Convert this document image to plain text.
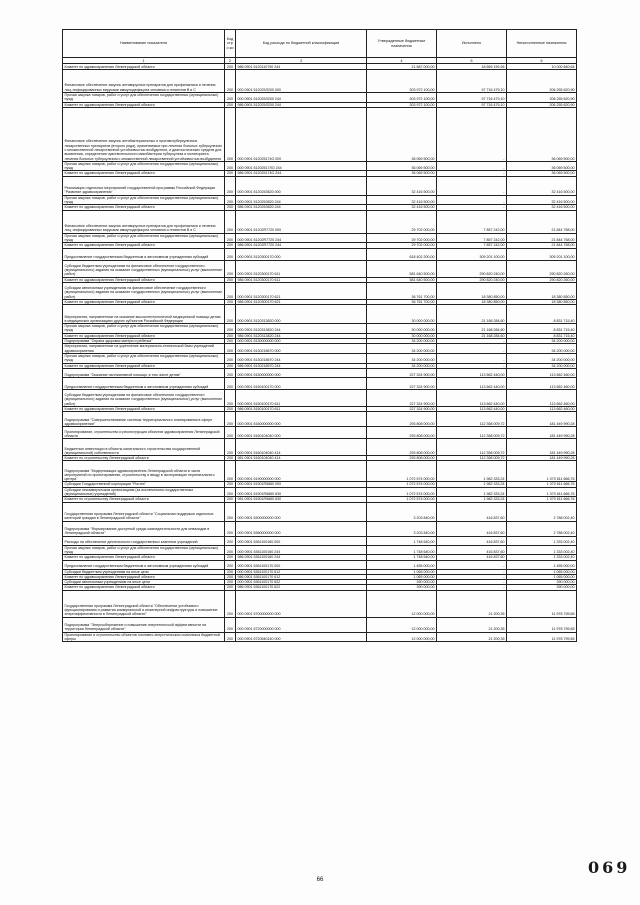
Наименование показателя	Код стро ки	Код расхода по бюджетной классификации	Утвержденные бюджетные назначения	Исполнено	Неисполненные назначения
1	2	3	4	5	6
Комитет по здравоохранению Ленинградской области	200	986 0901 5120110790 244	21 687 000,00	18 669 159,36	10 000 840,64
Финансовое обеспечение закупок антивирусных препаратов для профилактики и лечения лиц, инфицированных вирусами иммунодефицита человека и гепатитов В и С	200	000 0901 512025Л200 000	303 972 100,00	97 716 479,10	206 255 620,90
Прочая закупка товаров, работ и услуг для обеспечения государственных (муниципальных) нужд	200	000 0901 512025Л200 244	303 972 100,00	97 716 479,10	206 255 620,90
Комитет по здравоохранению Ленинградской области	200	986 0901 512025Л200 244	303 972 100,00	97 716 479,10	206 255 620,90
Финансовое обеспечение закупок антибактериальных и противотуберкулезных лекарственных препаратов (второго ряда), применяемых при лечении больных туберкулезом с множественной лекарственной устойчивостью возбудителя, и диагностических средств для выявления, определения чувствительности микобактерии туберкулеза и мониторинга лечения больных туберкулезом с множественной лекарственной устойчивостью возбудителя	200	000 0901 512025174О 000	36 069 500,00	-	36 069 500,00
Прочая закупка товаров, работ и услуг для обеспечения государственных (муниципальных) нужд	200	000 0901 51202517ЛО 244	36 069 500,00	-	36 069 500,00
Комитет по здравоохранению Ленинградской области	200	986 0901 512025174О 244	36 069 500,00	-	36 069 500,00
Реализация отдельных мероприятий государственной программы Российской Федерации "Развитие здравоохранения"	200	000 0901 512025З820 000	32 416 500,00	-	32 416 500,00
Прочая закупка товаров, работ и услуг для обеспечения государственных (муниципальных) нужд	200	000 0901 512025З820 244	32 416 500,00	-	32 416 500,00
Комитет по здравоохранению Ленинградской области	200	986 0901 512025З820 244	32 416 500,00	-	32 416 500,00
Финансовое обеспечение закупок антивирусных препаратов для профилактики и лечения лиц, инфицированных вирусами иммунодефицита человека и гепатитов В и С	200	000 0901 51202R7720 000	29 702 000,00	7 857 242,00	21 844 758,00
Прочая закупка товаров, работ и услуг для обеспечения государственных (муниципальных) нужд	200	000 0901 51202R7720 244	29 702 000,00	7 857 242,00	21 844 758,00
Комитет по здравоохранению Ленинградской области	200	986 0901 51202R7720 244	29 702 000,00	7 857 242,00	21 844 758,00
Предоставление государственным бюджетным и автономным учреждениям субсидий	200	000 0901 5120300170 000	618 402 200,00	309 201 100,00	309 201 100,00
Субсидии бюджетным учреждениям на финансовое обеспечение государственного (муниципального) задания на оказание государственных (муниципальных) услуг (выполнение работ)	200	000 0901 5120300170 611	581 640 500,00	290 820 240,00	290 820 260,00
Комитет по здравоохранению Ленинградской области	200	986 0901 5120300170 611	581 640 500,00	290 820 240,00	290 820 260,00
Субсидии автономным учреждениям на финансовое обеспечение государственного (муниципального) задания на оказание государственных (муниципальных) услуг (выполнение работ)	200	000 0901 5120300170 621	36 761 700,00	18 380 850,00	18 380 850,00
Комитет по здравоохранению Ленинградской области	200	986 0901 5120300170 621	36 761 700,00	18 380 850,00	18 380 850,00
Мероприятия, направленные на оказание высокотехнологичной медицинской помощи детям в медицинских организациях других субъектов Российской Федерации	200	000 0901 5120313820 000	30 000 000,00	21 168 284,60	8 831 715,40
Прочая закупка товаров, работ и услуг для обеспечения государственных (муниципальных) нужд	200	000 0901 5120313820 244	30 000 000,00	21 168 284,60	8 831 715,40
Комитет по здравоохранению Ленинградской области	200	986 0901 5120313820 244	30 000 000,00	21 168 284,60	8 831 715,40
Подпрограмма "Охрана здоровья матери и ребенка"	200	000 0901 5130000000 000	34 200 000,00	-	34 200 000,00
Мероприятия, направленные на укрепление материально-технической базы учреждений здравоохранения	200	000 0901 5130218670 000	34 200 000,00	-	34 200 000,00
Прочая закупка товаров, работ и услуг для обеспечения государственных (муниципальных) нужд	200	000 0901 5130218670 244	34 200 000,00	-	34 200 000,00
Комитет по здравоохранению Ленинградской области	200	986 0901 5130218670 244	34 200 000,00	-	34 200 000,00
Подпрограмма "Оказание паллиативной помощи, в том числе детям"	200	000 0901 5150000000 000	227 324 900,00	113 662 440,00	113 662 460,00
Предоставление государственным бюджетным и автономным учреждениям субсидий	200	000 0901 5150100170 000	227 324 900,00	113 662 440,00	113 662 460,00
Субсидии бюджетным учреждениям на финансовое обеспечение государственного (муниципального) задания на оказание государственных (муниципальных) услуг (выполнение работ)	200	000 0901 5150100170 611	227 324 900,00	113 662 440,00	113 662 460,00
Комитет по здравоохранению Ленинградской области	200	986 0901 5150100170 611	227 324 900,00	113 662 440,00	113 662 460,00
Подпрограмма "Совершенствование системы территориального планирования в сфере здравоохранения"	200	000 0901 5160000000 000	293 808 000,00	112 358 009,72	181 449 990,28
Проектирование, строительство и реконструкция объектов здравоохранения Ленинградской области	200	000 0901 5160104040 000	293 808 000,00	112 358 009,72	181 449 990,28
Бюджетные инвестиции в объекты капитального строительства государственной (муниципальной) собственности	200	000 0901 5160104040 414	293 808 000,00	112 358 009,72	181 449 990,28
Комитет по строительству Ленинградской области	200	981 0901 5160104040 414	293 808 000,00	112 358 009,72	181 449 990,28
Подпрограмма "Модернизация здравоохранения Ленинградской области в части мероприятий по проектированию, строительству и вводу в эксплуатацию перинатального центра"	200	000 0901 5190000000 000	1 072 574 000,00	1 982 333,24	1 070 611 666,76
Субсидии Государственной корпорации "Ростех"	200	000 0901 51901R5860 000	1 072 574 000,00	1 982 333,24	1 070 611 666,76
Субсидии некоммерческим организациям (за исключением государственных (муниципальных) учреждений)	200	000 0901 51901R5860 630	1 072 574 000,00	1 982 333,24	1 070 611 666,76
Комитет по строительству Ленинградской области	200	981 0901 51901R5860 630	1 072 574 000,00	1 982 333,24	1 070 611 666,76
Государственная программа Ленинградской области "Социальная поддержка отдельных категорий граждан в Ленинградской области"	200	000 0901 5300000000 000	3 203 840,00	416 837,60	2 788 002,40
Подпрограмма "Формирование доступной среды жизнедеятельности для инвалидов в Ленинградской области"	200	000 0901 5360000000 000	3 203 840,00	416 837,60	2 788 002,40
Расходы на обеспечение деятельности государственных казенных учреждений	200	000 0901 5361100160 000	1 748 640,00	416 837,60	1 333 002,40
Прочая закупка товаров, работ и услуг для обеспечения государственных (муниципальных) нужд	200	000 0901 5361100160 244	1 748 640,00	416 837,60	1 333 002,40
Комитет по здравоохранению Ленинградской области	200	986 0901 5361100160 244	1 748 640,00	416 837,60	1 333 002,40
Предоставление государственным бюджетным и автономным учреждениям субсидий	200	000 0901 5361100170 000	1 455 000,00	-	1 455 000,00
Субсидии бюджетным учреждениям на иные цели	200	000 0901 5361100170 612	1 065 000,00	-	1 065 000,00
Комитет по здравоохранению Ленинградской области	200	986 0901 5361100170 612	1 065 000,00	-	1 065 000,00
Субсидии автономным учреждениям на иные цели	200	000 0901 5361100170 622	390 000,00	-	390 000,00
Комитет по здравоохранению Ленинградской области	200	986 0901 5361100170 622	390 000,00	-	390 000,00
Государственная программа Ленинградской области "Обеспечение устойчивого функционирования и развития коммунальной и инженерной инфраструктуры и повышение энергоэффективности в Ленинградской области"	200	000 0901 5700000000 000	12 000 000,00	21 200,35	11 978 799,65
Подпрограмма "Энергосбережение и повышение энергетической эффективности на территории Ленинградской области"	200	000 0901 5720000000 000	12 000 000,00	21 200,35	11 978 799,65
Проектирование и строительство объектов топливно-энергетического комплекса бюджетной сферы	200	000 0901 5720540140 000	12 000 000,00	21 200,35	11 978 799,65
66
069
